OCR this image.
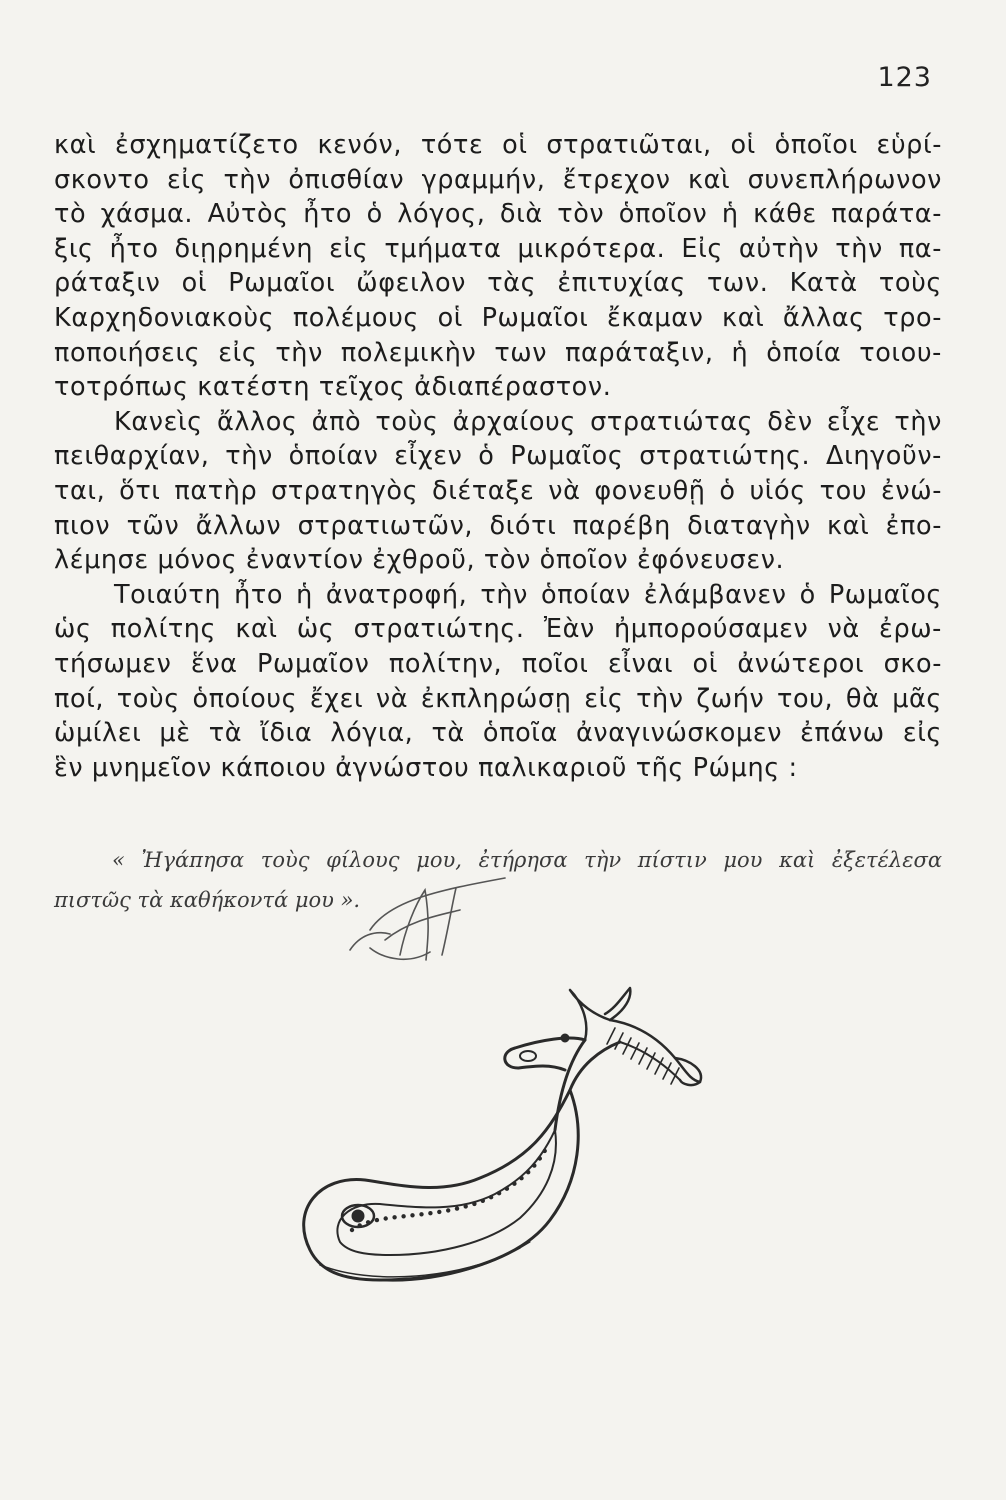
123
καὶ ἐσχηματίζετο κενόν, τότε οἱ στρατιῶται, οἱ ὁποῖοι εὑρί-
σκοντο εἰς τὴν ὀπισθίαν γραμμήν, ἔτρεχον καὶ συνεπλήρωνον
τὸ χάσμα. Αὐτὸς ἦτο ὁ λόγος, διὰ τὸν ὁποῖον ἡ κάθε παράτα-
ξις ἦτο διῃρημένη εἰς τμήματα μικρότερα. Εἰς αὐτὴν τὴν πα-
ράταξιν οἱ Ρωμαῖοι ὤφειλον τὰς ἐπιτυχίας των. Κατὰ τοὺς
Καρχηδονιακοὺς πολέμους οἱ Ρωμαῖοι ἔκαμαν καὶ ἄλλας τρο-
ποποιήσεις εἰς τὴν πολεμικὴν των παράταξιν, ἡ ὁποία τοιου-
τοτρόπως κατέστη τεῖχος ἀδιαπέραστον.
Κανεὶς ἄλλος ἀπὸ τοὺς ἀρχαίους στρατιώτας δὲν εἶχε τὴν
πειθαρχίαν, τὴν ὁποίαν εἶχεν ὁ Ρωμαῖος στρατιώτης. Διηγοῦν-
ται, ὅτι πατὴρ στρατηγὸς διέταξε νὰ φονευθῇ ὁ υἱός του ἐνώ-
πιον τῶν ἄλλων στρατιωτῶν, διότι παρέβη διαταγὴν καὶ ἐπο-
λέμησε μόνος ἐναντίον ἐχθροῦ, τὸν ὁποῖον ἐφόνευσεν.
Τοιαύτη ἦτο ἡ ἀνατροφή, τὴν ὁποίαν ἐλάμβανεν ὁ Ρωμαῖος
ὡς πολίτης καὶ ὡς στρατιώτης. Ἐὰν ἠμπορούσαμεν νὰ ἐρω-
τήσωμεν ἕνα Ρωμαῖον πολίτην, ποῖοι εἶναι οἱ ἀνώτεροι σκο-
ποί, τοὺς ὁποίους ἔχει νὰ ἐκπληρώσῃ εἰς τὴν ζωήν του, θὰ μᾶς
ὡμίλει μὲ τὰ ἴδια λόγια, τὰ ὁποῖα ἀναγινώσκομεν ἐπάνω εἰς
ἓν μνημεῖον κάποιου ἀγνώστου παλικαριοῦ τῆς Ρώμης :
« Ἠγάπησα τοὺς φίλους μου, ἐτήρησα τὴν πίστιν μου καὶ ἐξετέλεσα
πιστῶς τὰ καθήκοντά μου ».
